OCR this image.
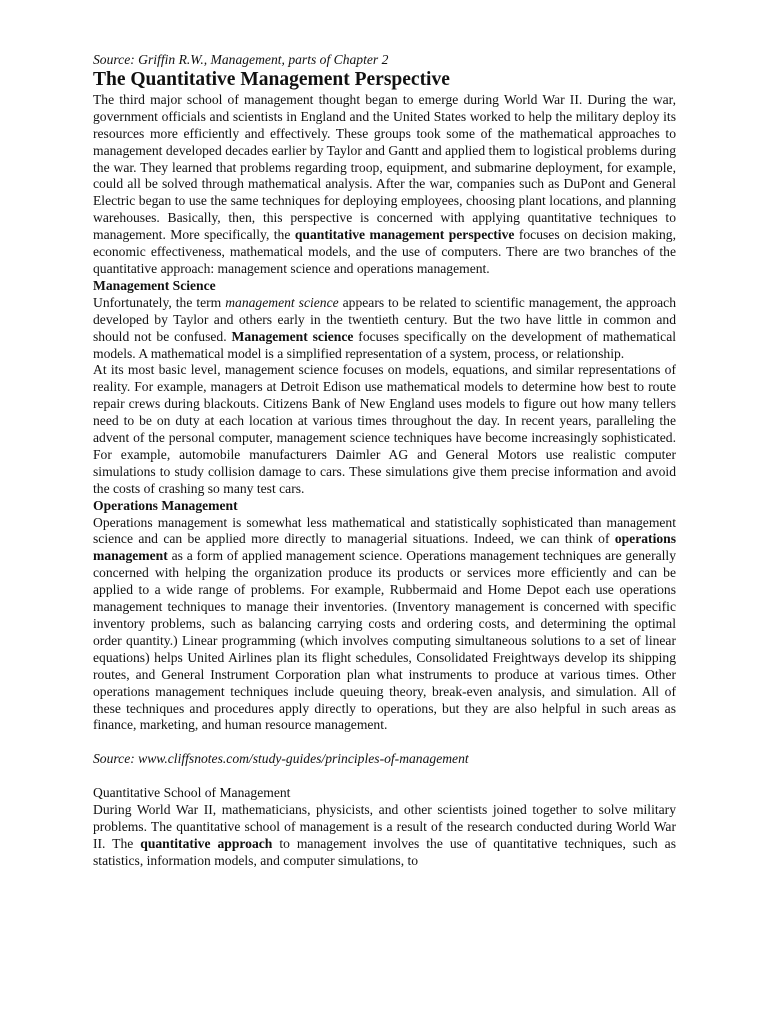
Source: Griffin R.W., Management, parts of Chapter 2

The Quantitative Management Perspective

The third major school of management thought began to emerge during World War II. During the war, government officials and scientists in England and the United States worked to help the military deploy its resources more efficiently and effectively. These groups took some of the mathematical approaches to management developed decades earlier by Taylor and Gantt and applied them to logistical problems during the war. They learned that problems regarding troop, equipment, and submarine deployment, for example, could all be solved through mathematical analysis. After the war, companies such as DuPont and General Electric began to use the same techniques for deploying employees, choosing plant locations, and planning warehouses. Basically, then, this perspective is concerned with applying quantitative techniques to management. More specifically, the quantitative management perspective focuses on decision making, economic effectiveness, mathematical models, and the use of computers. There are two branches of the quantitative approach: management science and operations management.

Management Science

Unfortunately, the term management science appears to be related to scientific management, the approach developed by Taylor and others early in the twentieth century. But the two have little in common and should not be confused. Management science focuses specifically on the development of mathematical models. A mathematical model is a simplified representation of a system, process, or relationship.

At its most basic level, management science focuses on models, equations, and similar representations of reality. For example, managers at Detroit Edison use mathematical models to determine how best to route repair crews during blackouts. Citizens Bank of New England uses models to figure out how many tellers need to be on duty at each location at various times throughout the day. In recent years, paralleling the advent of the personal computer, management science techniques have become increasingly sophisticated. For example, automobile manufacturers Daimler AG and General Motors use realistic computer simulations to study collision damage to cars. These simulations give them precise information and avoid the costs of crashing so many test cars.

Operations Management

Operations management is somewhat less mathematical and statistically sophisticated than management science and can be applied more directly to managerial situations. Indeed, we can think of operations management as a form of applied management science. Operations management techniques are generally concerned with helping the organization produce its products or services more efficiently and can be applied to a wide range of problems. For example, Rubbermaid and Home Depot each use operations management techniques to manage their inventories. (Inventory management is concerned with specific inventory problems, such as balancing carrying costs and ordering costs, and determining the optimal order quantity.) Linear programming (which involves computing simultaneous solutions to a set of linear equations) helps United Airlines plan its flight schedules, Consolidated Freightways develop its shipping routes, and General Instrument Corporation plan what instruments to produce at various times. Other operations management techniques include queuing theory, break-even analysis, and simulation. All of these techniques and procedures apply directly to operations, but they are also helpful in such areas as finance, marketing, and human resource management.

Source: www.cliffsnotes.com/study-guides/principles-of-management

Quantitative School of Management

During World War II, mathematicians, physicists, and other scientists joined together to solve military problems. The quantitative school of management is a result of the research conducted during World War II. The quantitative approach to management involves the use of quantitative techniques, such as statistics, information models, and computer simulations, to
